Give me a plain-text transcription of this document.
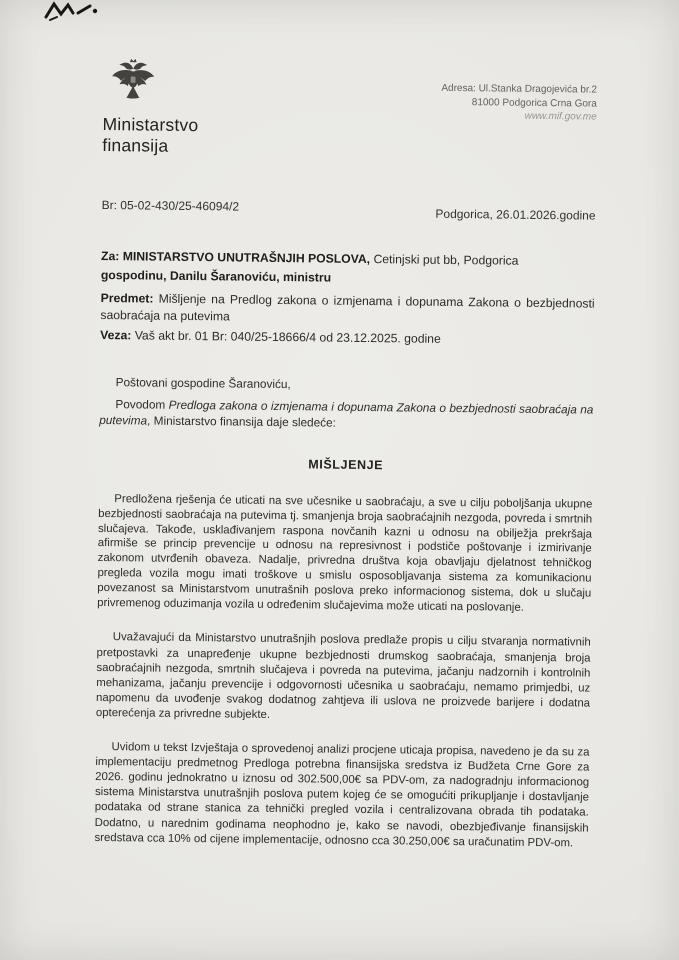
Ministarstvo
finansija
Adresa: Ul.Stanka Dragojevića br.2
81000 Podgorica Crna Gora
www.mif.gov.me
Br: 05-02-430/25-46094/2
Podgorica, 26.01.2026.godine
Za: MINISTARSTVO UNUTRAŠNJIH POSLOVA, Cetinjski put bb, Podgorica
gospodinu, Danilu Šaranoviću, ministru
Predmet: Mišljenje na Predlog zakona o izmjenama i dopunama Zakona o bezbjednosti saobraćaja na putevima
Veza: Vaš akt br. 01 Br: 040/25-18666/4 od 23.12.2025. godine
Poštovani gospodine Šaranoviću,
Povodom Predloga zakona o izmjenama i dopunama Zakona o bezbjednosti saobraćaja na putevima, Ministarstvo finansija daje sledeće:
MIŠLJENJE
Predložena rješenja će uticati na sve učesnike u saobraćaju, a sve u cilju poboljšanja ukupne bezbjednosti saobraćaja na putevima tj. smanjenja broja saobraćajnih nezgoda, povreda i smrtnih slučajeva. Takođe, usklađivanjem raspona novčanih kazni u odnosu na obilježja prekršaja afirmiše se princip prevencije u odnosu na represivnost i podstiče poštovanje i izmirivanje zakonom utvrđenih obaveza. Nadalje, privredna društva koja obavljaju djelatnost tehničkog pregleda vozila mogu imati troškove u smislu osposobljavanja sistema za komunikacionu povezanost sa Ministarstvom unutrašnih poslova preko informacionog sistema, dok u slučaju privremenog oduzimanja vozila u određenim slučajevima može uticati na poslovanje.
Uvažavajući da Ministarstvo unutrašnjih poslova predlaže propis u cilju stvaranja normativnih pretpostavki za unapređenje ukupne bezbjednosti drumskog saobraćaja, smanjenja broja saobraćajnih nezgoda, smrtnih slučajeva i povreda na putevima, jačanju nadzornih i kontrolnih mehanizama, jačanju prevencije i odgovornosti učesnika u saobraćaju, nemamo primjedbi, uz napomenu da uvođenje svakog dodatnog zahtjeva ili uslova ne proizvede barijere i dodatna opterećenja za privredne subjekte.
Uvidom u tekst Izvještaja o sprovedenoj analizi procjene uticaja propisa, navedeno je da su za implementaciju predmetnog Predloga potrebna finansijska sredstva iz Budžeta Crne Gore za 2026. godinu jednokratno u iznosu od 302.500,00€ sa PDV-om, za nadogradnju informacionog sistema Ministarstva unutrašnjih poslova putem kojeg će se omogućiti prikupljanje i dostavljanje podataka od strane stanica za tehnički pregled vozila i centralizovana obrada tih podataka. Dodatno, u narednim godinama neophodno je, kako se navodi, obezbjeđivanje finansijskih sredstava cca 10% od cijene implementacije, odnosno cca 30.250,00€ sa uračunatim PDV-om.
